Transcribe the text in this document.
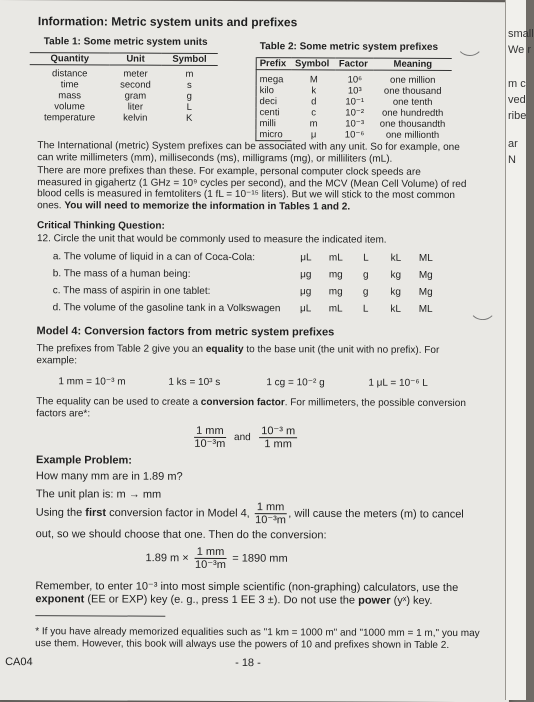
Information: Metric system units and prefixes
Table 1: Some metric system units
Quantity	Unit	Symbol
distance	meter	m
time	second	s
mass	gram	g
volume	liter	L
temperature	kelvin	K
Table 2: Some metric system prefixes
Prefix	Symbol	Factor	Meaning
mega	M	10⁶	one million
kilo	k	10³	one thousand
deci	d	10⁻¹	one tenth
centi	c	10⁻²	one hundredth
milli	m	10⁻³	one thousandth
micro	μ	10⁻⁶	one millionth
The International (metric) System prefixes can be associated with any unit. So for example, one can write millimeters (mm), milliseconds (ms), milligrams (mg), or milliliters (mL).
There are more prefixes than these. For example, personal computer clock speeds are measured in gigahertz (1 GHz = 10⁹ cycles per second), and the MCV (Mean Cell Volume) of red blood cells is measured in femtoliters (1 fL = 10⁻¹⁵ liters). But we will stick to the most common ones. You will need to memorize the information in Tables 1 and 2.
Critical Thinking Question:
12. Circle the unit that would be commonly used to measure the indicated item.
a. The volume of liquid in a can of Coca-Cola:	μL mL L kL ML
b. The mass of a human being:	μg mg g kg Mg
c. The mass of aspirin in one tablet:	μg mg g kg Mg
d. The volume of the gasoline tank in a Volkswagen	μL mL L kL ML
Model 4: Conversion factors from metric system prefixes
The prefixes from Table 2 give you an equality to the base unit (the unit with no prefix). For example:
1 mm = 10⁻³ m	1 ks = 10³ s	1 cg = 10⁻² g	1 μL = 10⁻⁶ L
The equality can be used to create a conversion factor. For millimeters, the possible conversion factors are*:
$\frac{1 mm}{\text{10⁻³m}}$ and $\frac{\text{10⁻³ m}}{1 mm}$
Example Problem:
How many mm are in 1.89 m?
The unit plan is: m → mm
Using the first conversion factor in Model 4, $\frac{1 mm}{\text{10⁻³m}}$ , will cause the meters (m) to cancel
out, so we should choose that one. Then do the conversion:
1.89 $m \times \frac{1 mm}{\text{10⁻³m}} = 1890$ mm
Remember, to enter 10⁻³ into most simple scientific (non-graphing) calculators, use the exponent (EE or EXP) key (e. g., press 1 EE 3 ±). Do not use the power (yˣ) key.
* If you have already memorized equalities such as "1 km = 1000 m" and "1000 mm = 1 m," you may use them. However, this book will always use the powers of 10 and prefixes shown in Table 2.
CA04	- 18 -
small
We r
m c
ved
ribe
ar
N
